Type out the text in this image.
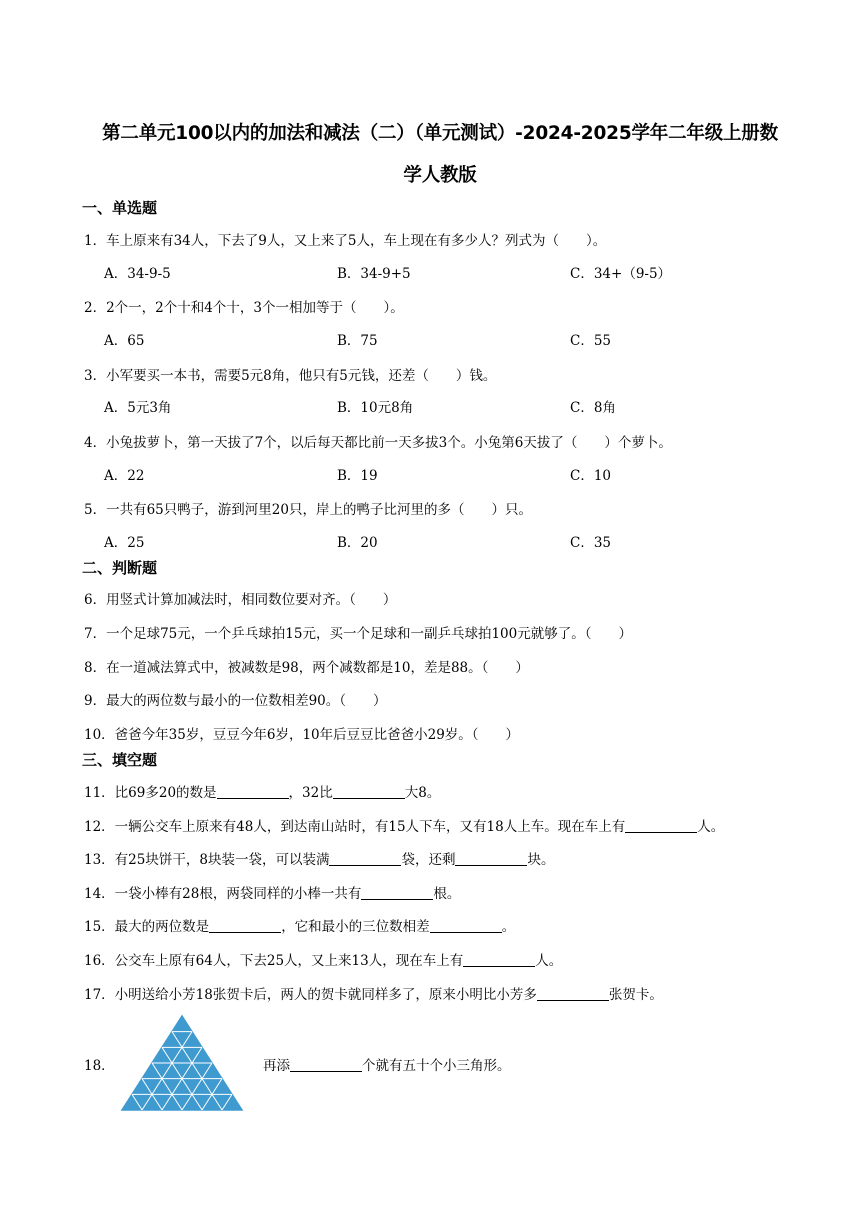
第二单元100以内的加法和减法（二）（单元测试）-2024-2025学年二年级上册数
学人教版
一、单选题
1．车上原来有34人，下去了9人，又上来了5人，车上现在有多少人？列式为（　　）。
A．34-9-5	B．34-9+5	C．34+（9-5）
2．2个一，2个十和4个十，3个一相加等于（　　）。
A．65	B．75	C．55
3．小军要买一本书，需要5元8角，他只有5元钱，还差（　　）钱。
A．5元3角	B．10元8角	C．8角
4．小兔拔萝卜，第一天拔了7个，以后每天都比前一天多拔3个。小兔第6天拔了（　　）个萝卜。
A．22	B．19	C．10
5．一共有65只鸭子，游到河里20只，岸上的鸭子比河里的多（　　）只。
A．25	B．20	C．35
二、判断题
6．用竖式计算加减法时，相同数位要对齐。（　　）
7．一个足球75元，一个乒乓球拍15元，买一个足球和一副乒乓球拍100元就够了。（　　）
8．在一道减法算式中，被减数是98，两个减数都是10，差是88。（　　）
9．最大的两位数与最小的一位数相差90。（　　）
10．爸爸今年35岁，豆豆今年6岁，10年后豆豆比爸爸小29岁。（　　）
三、填空题
11．比69多20的数是	，32比	大8。
12．一辆公交车上原来有48人，到达南山站时，有15人下车，又有18人上车。现在车上有	人。
13．有25块饼干，8块装一袋，可以装满	袋，还剩	块。
14．一袋小棒有28根，两袋同样的小棒一共有	根。
15．最大的两位数是	，它和最小的三位数相差	。
16．公交车上原有64人，下去25人，又上来13人，现在车上有	人。
17．小明送给小芳18张贺卡后，两人的贺卡就同样多了，原来小明比小芳多	张贺卡。
18．	再添	个就有五十个小三角形。
